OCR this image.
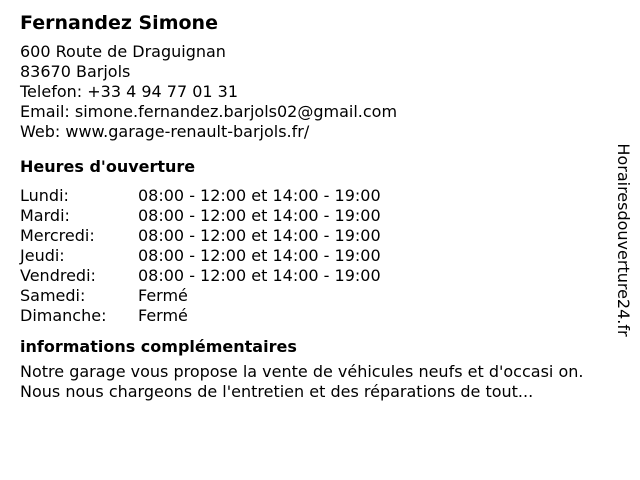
Fernandez Simone
600 Route de Draguignan
83670 Barjols
Telefon: +33 4 94 77 01 31
Email: simone.fernandez.barjols02@gmail.com
Web: www.garage-renault-barjols.fr/
Heures d'ouverture
Lundi:	08:00 - 12:00 et 14:00 - 19:00
Mardi:	08:00 - 12:00 et 14:00 - 19:00
Mercredi:	08:00 - 12:00 et 14:00 - 19:00
Jeudi:	08:00 - 12:00 et 14:00 - 19:00
Vendredi:	08:00 - 12:00 et 14:00 - 19:00
Samedi:	Fermé
Dimanche:	Fermé
informations complémentaires
Notre garage vous propose la vente de véhicules neufs et d'occasi on. Nous nous chargeons de l'entretien et des réparations de tout...
Horairesdouverture24.fr
